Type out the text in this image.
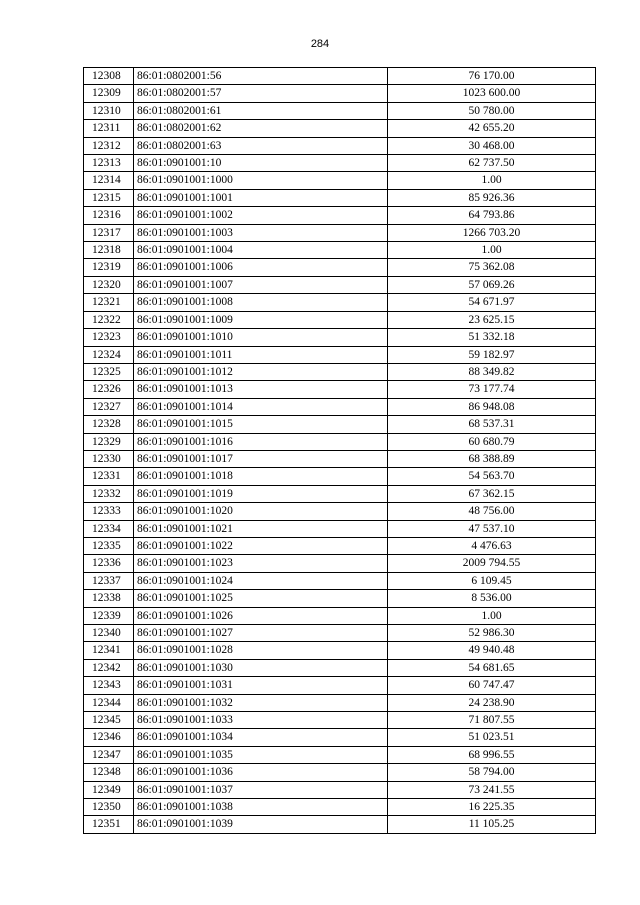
284
12308	86:01:0802001:56	76 170.00
12309	86:01:0802001:57	1023 600.00
12310	86:01:0802001:61	50 780.00
12311	86:01:0802001:62	42 655.20
12312	86:01:0802001:63	30 468.00
12313	86:01:0901001:10	62 737.50
12314	86:01:0901001:1000	1.00
12315	86:01:0901001:1001	85 926.36
12316	86:01:0901001:1002	64 793.86
12317	86:01:0901001:1003	1266 703.20
12318	86:01:0901001:1004	1.00
12319	86:01:0901001:1006	75 362.08
12320	86:01:0901001:1007	57 069.26
12321	86:01:0901001:1008	54 671.97
12322	86:01:0901001:1009	23 625.15
12323	86:01:0901001:1010	51 332.18
12324	86:01:0901001:1011	59 182.97
12325	86:01:0901001:1012	88 349.82
12326	86:01:0901001:1013	73 177.74
12327	86:01:0901001:1014	86 948.08
12328	86:01:0901001:1015	68 537.31
12329	86:01:0901001:1016	60 680.79
12330	86:01:0901001:1017	68 388.89
12331	86:01:0901001:1018	54 563.70
12332	86:01:0901001:1019	67 362.15
12333	86:01:0901001:1020	48 756.00
12334	86:01:0901001:1021	47 537.10
12335	86:01:0901001:1022	4 476.63
12336	86:01:0901001:1023	2009 794.55
12337	86:01:0901001:1024	6 109.45
12338	86:01:0901001:1025	8 536.00
12339	86:01:0901001:1026	1.00
12340	86:01:0901001:1027	52 986.30
12341	86:01:0901001:1028	49 940.48
12342	86:01:0901001:1030	54 681.65
12343	86:01:0901001:1031	60 747.47
12344	86:01:0901001:1032	24 238.90
12345	86:01:0901001:1033	71 807.55
12346	86:01:0901001:1034	51 023.51
12347	86:01:0901001:1035	68 996.55
12348	86:01:0901001:1036	58 794.00
12349	86:01:0901001:1037	73 241.55
12350	86:01:0901001:1038	16 225.35
12351	86:01:0901001:1039	11 105.25
